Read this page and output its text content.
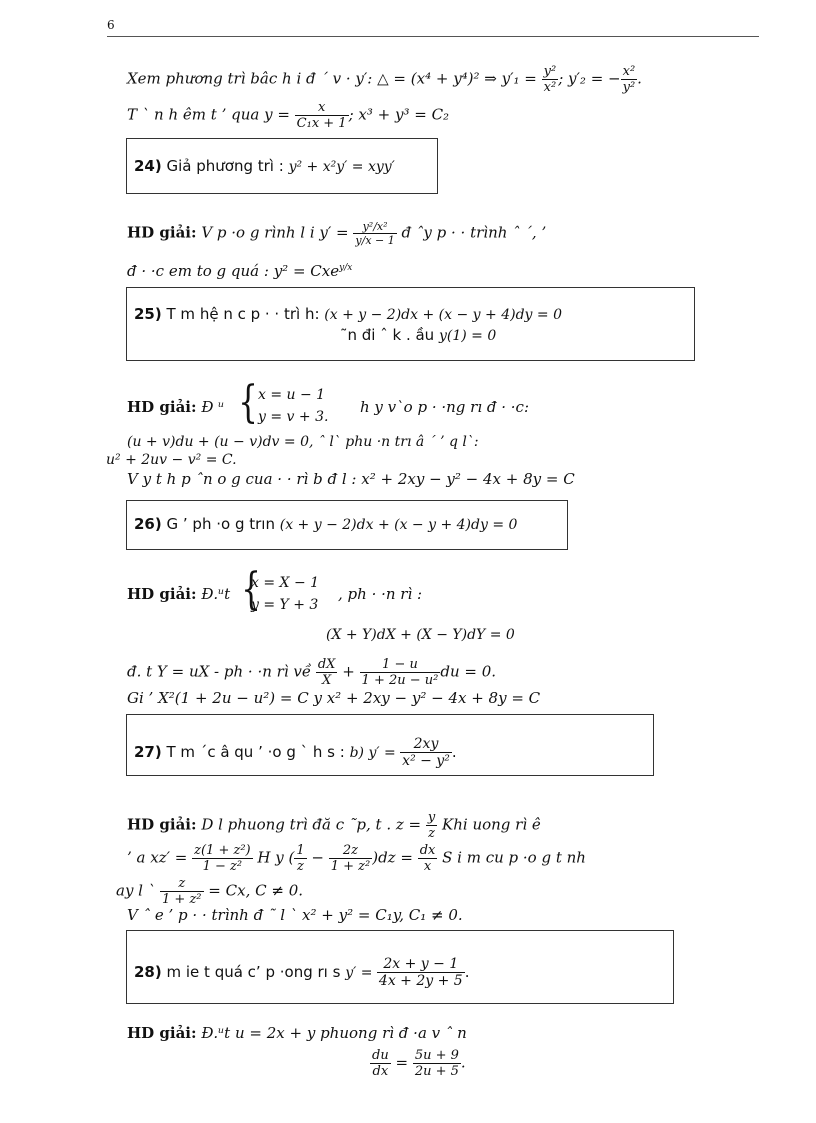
6
Xem phương trì bâc h i đ ´ v · y′: △ = (x⁴ + y⁴)² ⇒ $y'_1 = \frac{\text{y²}}{\text{x²}}$ ; y′₂ = − $\frac{\text{x²}}{\text{y²}}$ .
T ` n h êm t ’ qua $y = \frac{x}{\text{C₁x + 1}}$ ; x³ + y³ = C₂
24) Giả phương trì : y² + x²y′ = xyy′
HD giải: V p ·o g rình l i $y' = \frac{\text{y²/x²}}{y/x - 1}$ đ ˆy p · · trình ˆ ´, ’
đ · ·c em to g quá : y² = Cxe$^{y/x}$
25) T m hệ n c p · · trì h: (x + y − 2)dx + (x − y + 4)dy = 0
˜n đi ˆ k . ầu y(1) = 0
HD giải: Đ ᵘ { x = u − 1
y = v + 3.
h y v`o p · ·ng rı đ · ·c:
(u + v)du + (u − v)dv = 0, ˆ l` phu ·n trı â ´ ’ q l`:
u² + 2uv − v² = C.
V y t h p ˆn o g cua · · rì b đ l : x² + 2xy − y² − 4x + 8y = C
26) G ’ ph ·o g trın (x + y − 2)dx + (x − y + 4)dy = 0
HD giải: Đ.ᵘt {
x = X − 1
y = Y + 3
, ph · ·n rì :
(X + Y)dX + (X − Y)dY = 0
đ. t Y = uX - ph · ·n rì về $\frac{dX}{X} + \frac{1 - u}{\text{1 + 2u − u²}}$ du = 0.
Gi ’ X²(1 + 2u − u²) = C y x² + 2xy − y² − 4x + 8y = C
27) T m ´c â qu ’ ·o g ` h s : b) $y' = \frac{2xy}{\text{x² − y²}}$ .
HD giải: D l phuong trì đă c ˜p, t . $z = \frac{y}{z}$ Khi uong rì ê
’ a $xz' = \frac{\text{z(1 + z²)}}{\text{1 − z²}}$ H y ( $\frac{1}{z} - \frac{2z}{\text{1 + z²}} )dz = \frac{dx}{x}$ S i m cu p ·o g t nh
ay l ` $\frac{z}{\text{1 + z²}} = Cx$, C ≠ 0.
V ˆ e ’ p · · trình đ ˜ l ` x² + y² = C₁y, C₁ ≠ 0.
28) m ie t quá c’ p ·ong rı s $y' = \frac{2x + y - 1}{4x + 2y + 5}$ .
HD giải: Đ.ᵘt u = 2x + y phuong rì đ ·a v ˆ n
$\frac{du}{dx} = \frac{5u + 9}{2u + 5}$ .
